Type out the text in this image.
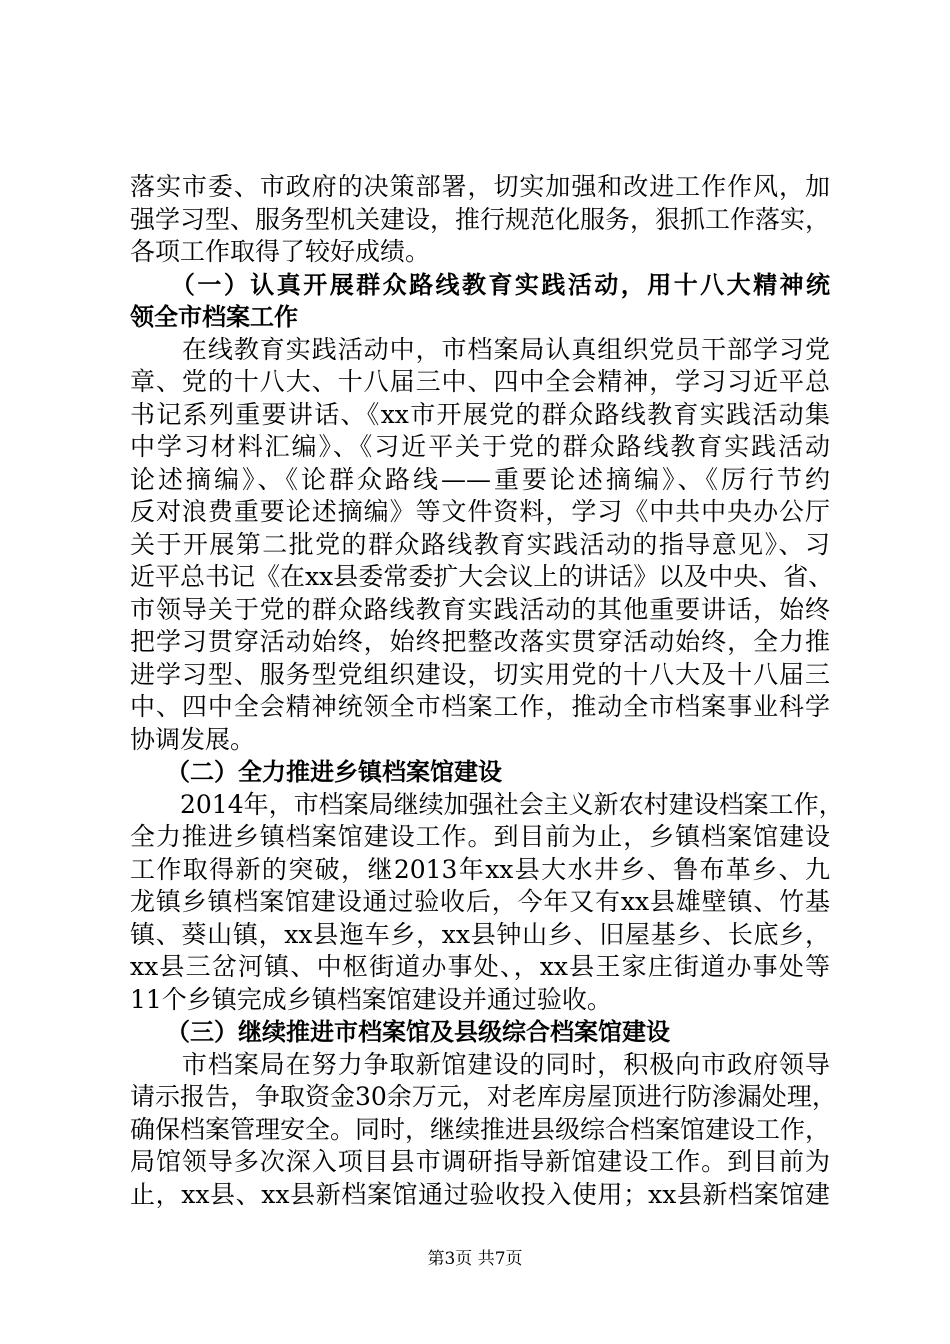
落实市委、市政府的决策部署，切实加强和改进工作作风，加
强学习型、服务型机关建设，推行规范化服务，狠抓工作落实，
各项工作取得了较好成绩。
　　（一）认真开展群众路线教育实践活动，用十八大精神统
领全市档案工作
　　在线教育实践活动中，市档案局认真组织党员干部学习党
章、党的十八大、十八届三中、四中全会精神，学习习近平总
书记系列重要讲话、《xx市开展党的群众路线教育实践活动集
中学习材料汇编》、《习近平关于党的群众路线教育实践活动
论述摘编》、《论群众路线——重要论述摘编》、《厉行节约
反对浪费重要论述摘编》等文件资料，学习《中共中央办公厅
关于开展第二批党的群众路线教育实践活动的指导意见》、习
近平总书记《在xx县委常委扩大会议上的讲话》以及中央、省、
市领导关于党的群众路线教育实践活动的其他重要讲话，始终
把学习贯穿活动始终，始终把整改落实贯穿活动始终，全力推
进学习型、服务型党组织建设，切实用党的十八大及十八届三
中、四中全会精神统领全市档案工作，推动全市档案事业科学
协调发展。
　　（二）全力推进乡镇档案馆建设
　　2014年，市档案局继续加强社会主义新农村建设档案工作，
全力推进乡镇档案馆建设工作。到目前为止，乡镇档案馆建设
工作取得新的突破，继2013年xx县大水井乡、鲁布革乡、九
龙镇乡镇档案馆建设通过验收后，今年又有xx县雄壁镇、竹基
镇、葵山镇，xx县迤车乡，xx县钟山乡、旧屋基乡、长底乡，
xx县三岔河镇、中枢街道办事处、，xx县王家庄街道办事处等
11个乡镇完成乡镇档案馆建设并通过验收。
　　（三）继续推进市档案馆及县级综合档案馆建设
　　市档案局在努力争取新馆建设的同时，积极向市政府领导
请示报告，争取资金30余万元，对老库房屋顶进行防渗漏处理，
确保档案管理安全。同时，继续推进县级综合档案馆建设工作，
局馆领导多次深入项目县市调研指导新馆建设工作。到目前为
止，xx县、xx县新档案馆通过验收投入使用；xx县新档案馆建
第3页 共7页
